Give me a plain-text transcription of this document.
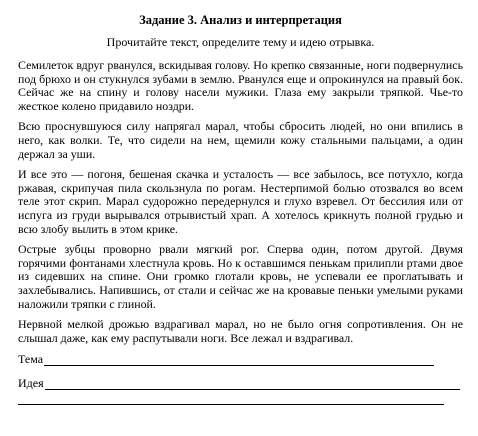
Задание 3. Анализ и интерпретация
Прочитайте текст, определите тему и идею отрывка.
Семилеток вдруг рванулся, вскидывая голову. Но крепко связанные, ноги подвернулись под брюхо и он стукнулся зубами в землю. Рванулся еще и опрокинулся на правый бок. Сейчас же на спину и голову насели мужики. Глаза ему закрыли тряпкой. Чье-то жесткое колено придавило ноздри.
Всю проснувшуюся силу напрягал марал, чтобы сбросить людей, но они впились в него, как волки. Те, что сидели на нем, щемили кожу стальными пальцами, а один держал за уши.
И все это — погоня, бешеная скачка и усталость — все забылось, все потухло, когда ржавая, скрипучая пила скользнула по рогам. Нестерпимой болью отозвался во всем теле этот скрип. Марал судорожно передернулся и глухо взревел. От бессилия или от испуга из груди вырывался отрывистый храп. А хотелось крикнуть полной грудью и всю злобу вылить в этом крике.
Острые зубцы проворно рвали мягкий рог. Сперва один, потом другой. Двумя горячими фонтанами хлестнула кровь. Но к оставшимся пенькам прилипли ртами двое из сидевших на спине. Они громко глотали кровь, не успевали ее проглатывать и захлебывались. Напившись, от стали и сейчас же на кровавые пеньки умелыми руками наложили тряпки с глиной.
Нервной мелкой дрожью вздрагивал марал, но не было огня сопротивления. Он не слышал даже, как ему распутывали ноги. Все лежал и вздрагивал.
Тема
Идея
